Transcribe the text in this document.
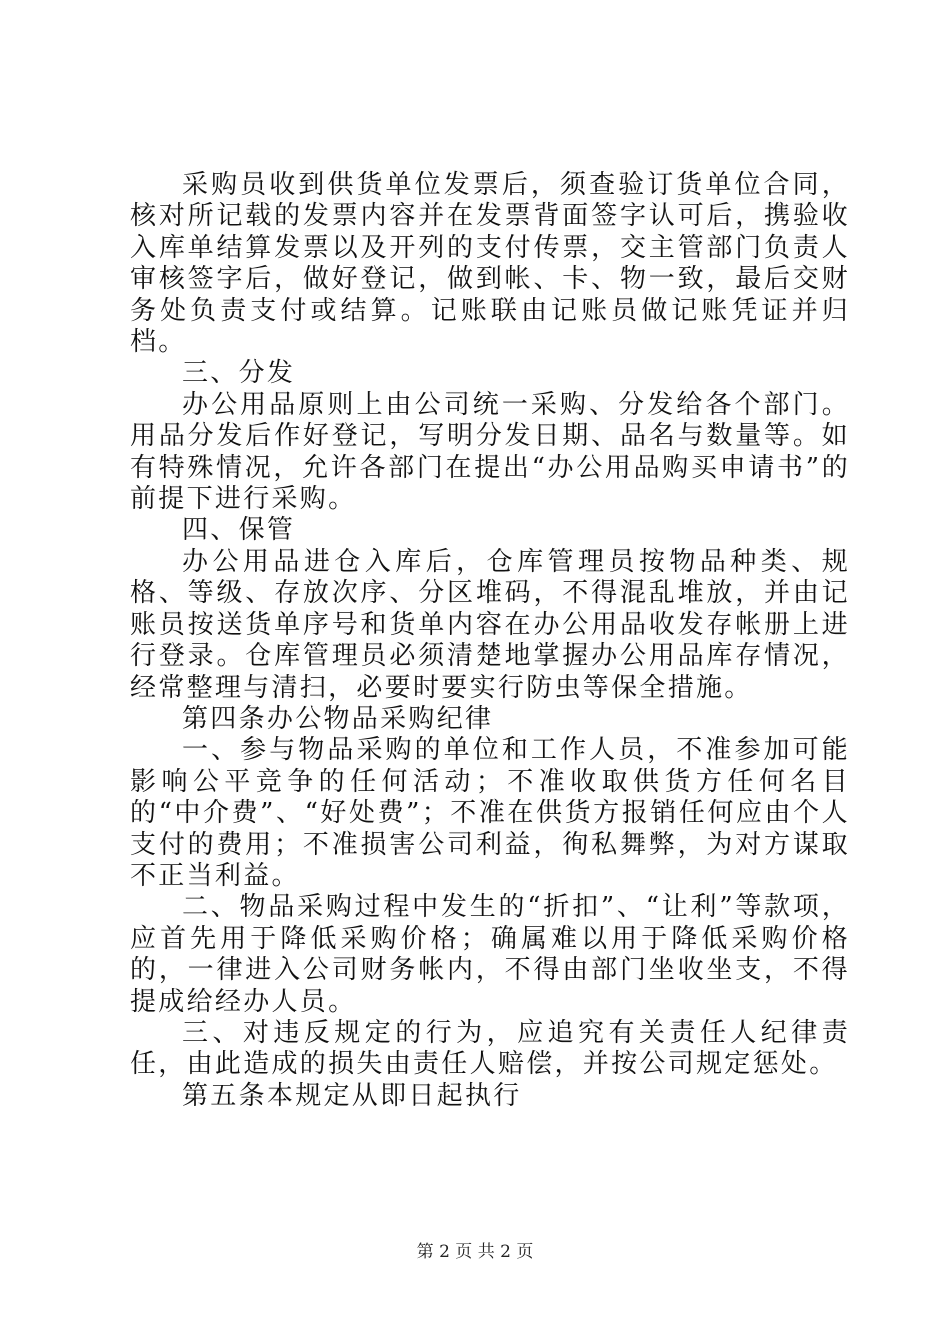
采购员收到供货单位发票后，须查验订货单位合同，核对所记载的发票内容并在发票背面签字认可后，携验收入库单结算发票以及开列的支付传票，交主管部门负责人审核签字后，做好登记，做到帐、卡、物一致，最后交财务处负责支付或结算。记账联由记账员做记账凭证并归档。

三、分发

办公用品原则上由公司统一采购、分发给各个部门。用品分发后作好登记，写明分发日期、品名与数量等。如有特殊情况，允许各部门在提出“办公用品购买申请书”的前提下进行采购。

四、保管

办公用品进仓入库后，仓库管理员按物品种类、规格、等级、存放次序、分区堆码，不得混乱堆放，并由记账员按送货单序号和货单内容在办公用品收发存帐册上进行登录。仓库管理员必须清楚地掌握办公用品库存情况，经常整理与清扫，必要时要实行防虫等保全措施。

第四条办公物品采购纪律

一、参与物品采购的单位和工作人员，不准参加可能影响公平竞争的任何活动；不准收取供货方任何名目的“中介费”、“好处费”；不准在供货方报销任何应由个人支付的费用；不准损害公司利益，徇私舞弊，为对方谋取不正当利益。

二、物品采购过程中发生的“折扣”、“让利”等款项，应首先用于降低采购价格；确属难以用于降低采购价格的，一律进入公司财务帐内，不得由部门坐收坐支，不得提成给经办人员。

三、对违反规定的行为，应追究有关责任人纪律责任，由此造成的损失由责任人赔偿，并按公司规定惩处。

第五条本规定从即日起执行

第 2 页 共 2 页
